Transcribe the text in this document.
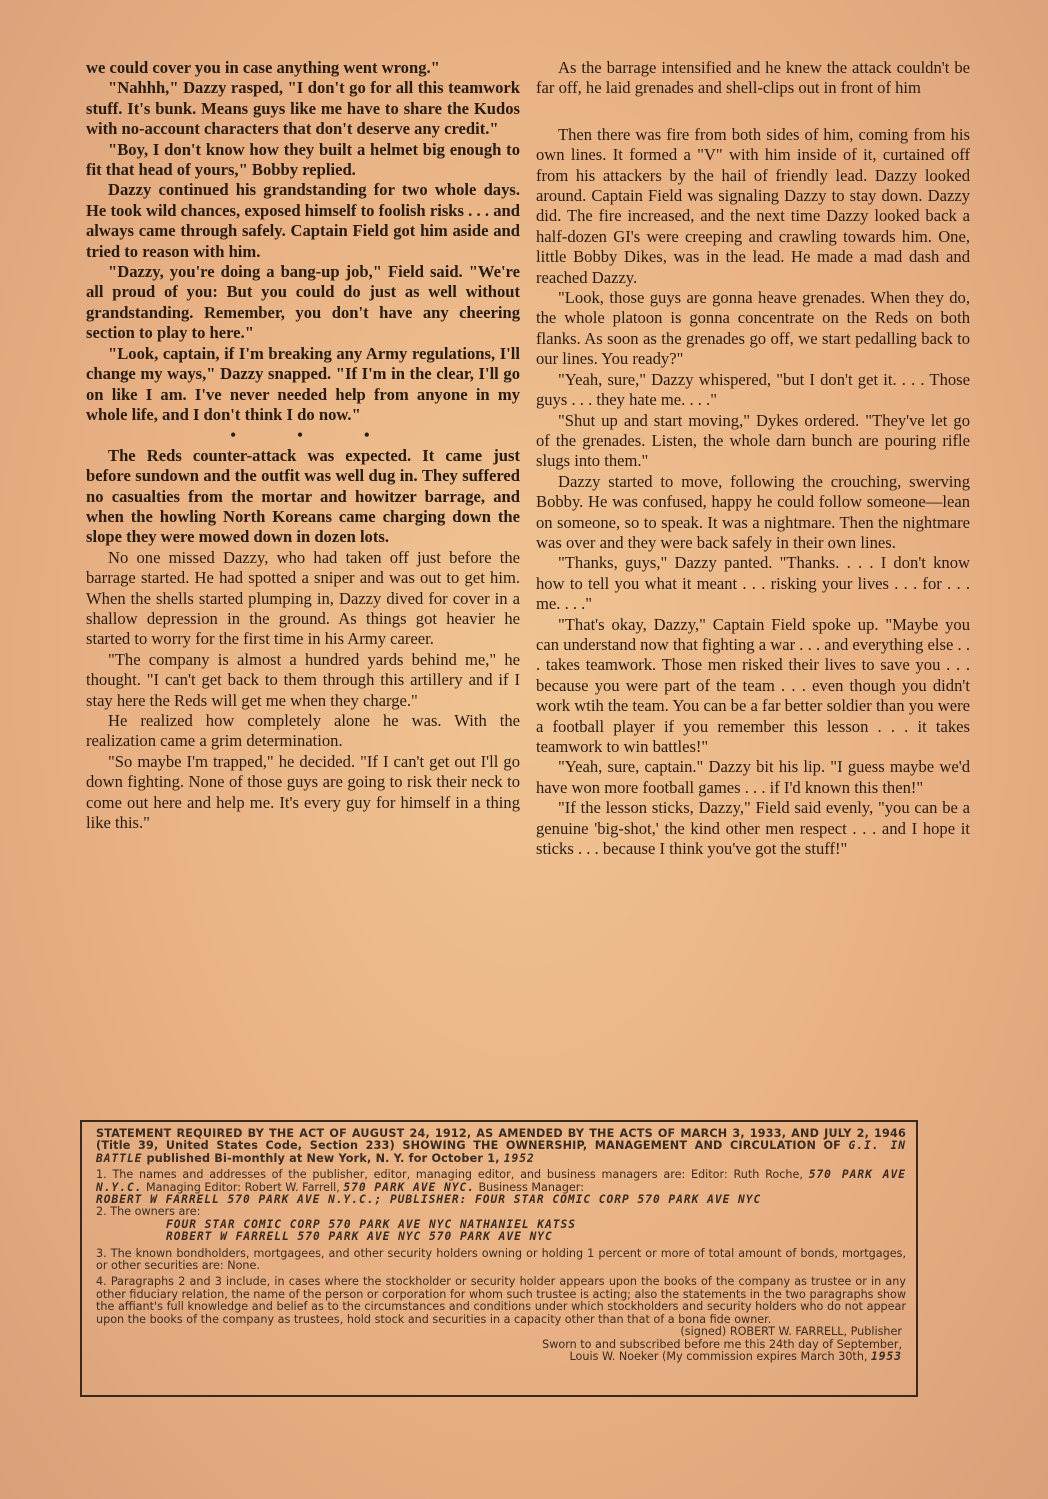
we could cover you in case anything went wrong."

"Nahhh," Dazzy rasped, "I don't go for all this teamwork stuff. It's bunk. Means guys like me have to share the Kudos with no-account characters that don't deserve any credit."

"Boy, I don't know how they built a helmet big enough to fit that head of yours," Bobby replied.

Dazzy continued his grandstanding for two whole days. He took wild chances, exposed himself to foolish risks . . . and always came through safely. Captain Field got him aside and tried to reason with him.

"Dazzy, you're doing a bang-up job," Field said. "We're all proud of you: But you could do just as well without grandstanding. Remember, you don't have any cheering section to play to here."

"Look, captain, if I'm breaking any Army regulations, I'll change my ways," Dazzy snapped. "If I'm in the clear, I'll go on like I am. I've never needed help from anyone in my whole life, and I don't think I do now."

• • •

The Reds counter-attack was expected. It came just before sundown and the outfit was well dug in. They suffered no casualties from the mortar and howitzer barrage, and when the howling North Koreans came charging down the slope they were mowed down in dozen lots.

No one missed Dazzy, who had taken off just before the barrage started. He had spotted a sniper and was out to get him. When the shells started plumping in, Dazzy dived for cover in a shallow depression in the ground. As things got heavier he started to worry for the first time in his Army career.

"The company is almost a hundred yards behind me," he thought. "I can't get back to them through this artillery and if I stay here the Reds will get me when they charge."

He realized how completely alone he was. With the realization came a grim determination.

"So maybe I'm trapped," he decided. "If I can't get out I'll go down fighting. None of those guys are going to risk their neck to come out here and help me. It's every guy for himself in a thing like this."

As the barrage intensified and he knew the attack couldn't be far off, he laid grenades and shell-clips out in front of him

Then there was fire from both sides of him, coming from his own lines. It formed a "V" with him inside of it, curtained off from his attackers by the hail of friendly lead. Dazzy looked around. Captain Field was signaling Dazzy to stay down. Dazzy did. The fire increased, and the next time Dazzy looked back a half-dozen GI's were creeping and crawling towards him. One, little Bobby Dikes, was in the lead. He made a mad dash and reached Dazzy.

"Look, those guys are gonna heave grenades. When they do, the whole platoon is gonna concentrate on the Reds on both flanks. As soon as the grenades go off, we start pedalling back to our lines. You ready?"

"Yeah, sure," Dazzy whispered, "but I don't get it. . . . Those guys . . . they hate me. . . ."

"Shut up and start moving," Dykes ordered. "They've let go of the grenades. Listen, the whole darn bunch are pouring rifle slugs into them."

Dazzy started to move, following the crouching, swerving Bobby. He was confused, happy he could follow someone—lean on someone, so to speak. It was a nightmare. Then the nightmare was over and they were back safely in their own lines.

"Thanks, guys," Dazzy panted. "Thanks. . . . I don't know how to tell you what it meant . . . risking your lives . . . for . . . me. . . ."

"That's okay, Dazzy," Captain Field spoke up. "Maybe you can understand now that fighting a war . . . and everything else . . . takes teamwork. Those men risked their lives to save you . . . because you were part of the team . . . even though you didn't work wtih the team. You can be a far better soldier than you were a football player if you remember this lesson . . . it takes teamwork to win battles!"

"Yeah, sure, captain." Dazzy bit his lip. "I guess maybe we'd have won more football games . . . if I'd known this then!"

"If the lesson sticks, Dazzy," Field said evenly, "you can be a genuine 'big-shot,' the kind other men respect . . . and I hope it sticks . . . because I think you've got the stuff!"

STATEMENT REQUIRED BY THE ACT OF AUGUST 24, 1912, AS AMENDED BY THE ACTS OF MARCH 3, 1933, AND JULY 2, 1946 (Title 39, United States Code, Section 233) SHOWING THE OWNERSHIP, MANAGEMENT AND CIRCULATION OF G.I. IN BATTLE published Bi-monthly at New York, N. Y. for October 1, 1952

1. The names and addresses of the publisher, editor, managing editor, and business managers are: Editor: Ruth Roche, 570 PARK AVE N.Y.C. Managing Editor: Robert W. Farrell, 570 PARK AVE NYC. Business Manager:

ROBERT W FARRELL 570 PARK AVE N.Y.C.; PUBLISHER: FOUR STAR COMIC CORP 570 PARK AVE NYC

2. The owners are:

FOUR STAR COMIC CORP 570 PARK AVE NYC NATHANIEL KATSS

ROBERT W FARRELL 570 PARK AVE NYC 570 PARK AVE NYC

3. The known bondholders, mortgagees, and other security holders owning or holding 1 percent or more of total amount of bonds, mortgages, or other securities are: None.

4. Paragraphs 2 and 3 include, in cases where the stockholder or security holder appears upon the books of the company as trustee or in any other fiduciary relation, the name of the person or corporation for whom such trustee is acting; also the statements in the two paragraphs show the affiant's full knowledge and belief as to the circumstances and conditions under which stockholders and security holders who do not appear upon the books of the company as trustees, hold stock and securities in a capacity other than that of a bona fide owner.

(signed) ROBERT W. FARRELL, Publisher

Sworn to and subscribed before me this 24th day of September,

Louis W. Noeker (My commission expires March 30th, 1953
